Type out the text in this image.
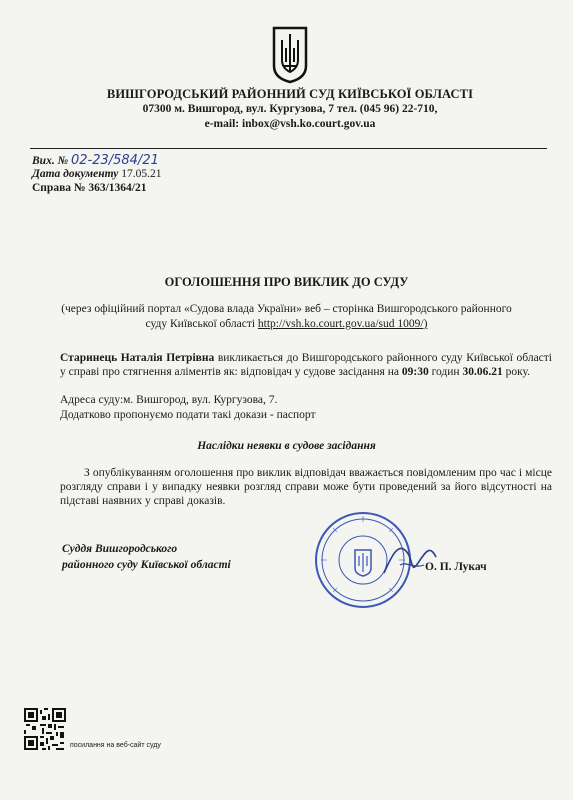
ВИШГОРОДСЬКИЙ РАЙОННИЙ СУД КИЇВСЬКОЇ ОБЛАСТІ
07300 м. Вишгород, вул. Кургузова, 7 тел. (045 96) 22-710,
e-mail: inbox@vsh.ko.court.gov.ua
Вих. № 02-23/584/21
Дата документу 17.05.21
Справа № 363/1364/21
ОГОЛОШЕННЯ ПРО ВИКЛИК ДО СУДУ
(через офіційний портал «Судова влада України» веб – сторінка Вишгородського районного суду Київської області http://vsh.ko.court.gov.ua/sud 1009/)
Старинець Наталія Петрівна викликається до Вишгородського районного суду Київської області у справі про стягнення аліментів як: відповідач у судове засідання на 09:30 годин 30.06.21 року.
Адреса суду:м. Вишгород, вул. Кургузова, 7.
Додатково пропонуємо подати такі докази - паспорт
Наслідки неявки в судове засідання
З опублікуванням оголошення про виклик відповідач вважається повідомленим про час і місце розгляду справи і у випадку неявки розгляд справи може бути проведений за його відсутності на підставі наявних у справі доказів.
Суддя Вишгородського
районного суду Київської області	О. П. Лукач
посилання на веб-сайт суду
